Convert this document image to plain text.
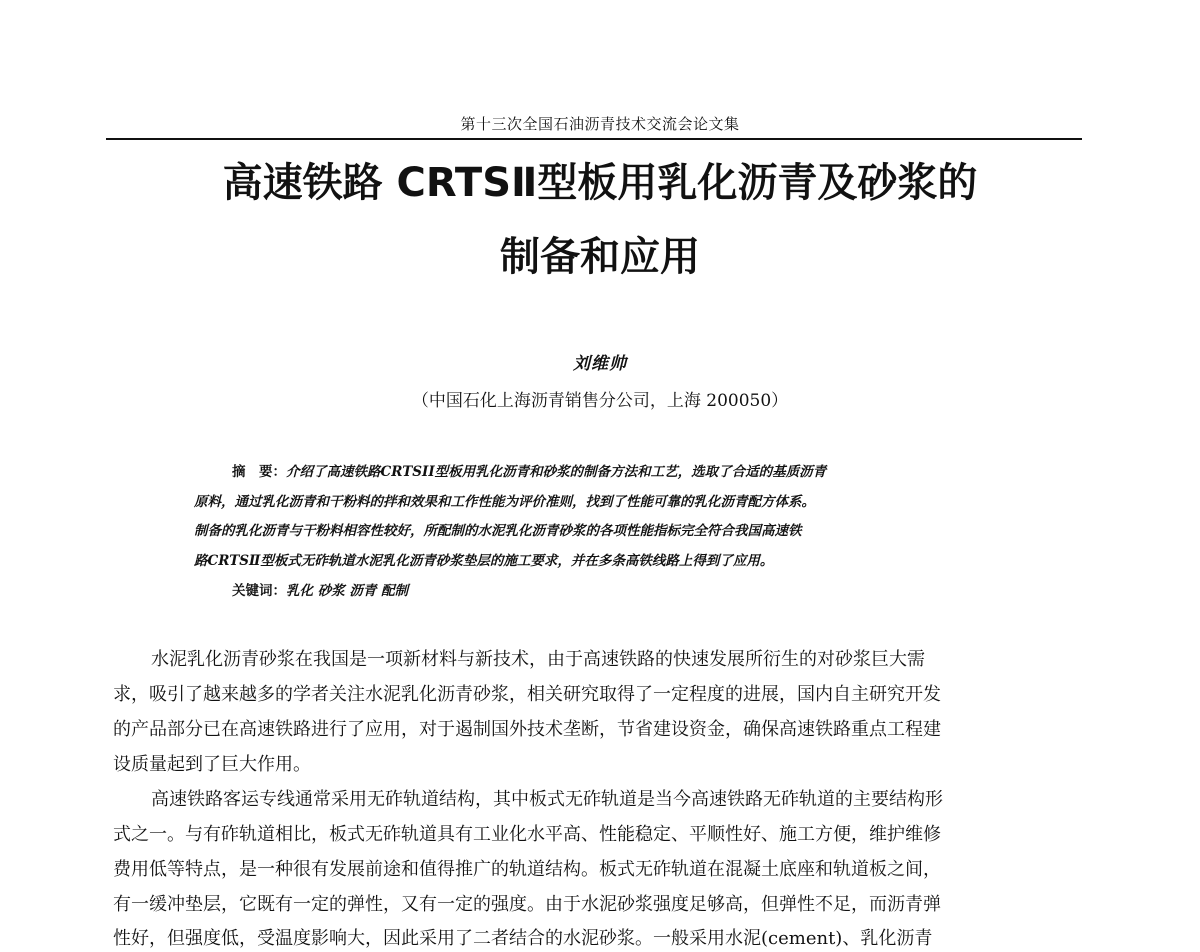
第十三次全国石油沥青技术交流会论文集
高速铁路 CRTSⅡ型板用乳化沥青及砂浆的
制备和应用
刘维帅
（中国石化上海沥青销售分公司，上海 200050）
摘　要：介绍了高速铁路CRTSII型板用乳化沥青和砂浆的制备方法和工艺，选取了合适的基质沥青
原料，通过乳化沥青和干粉料的拌和效果和工作性能为评价准则，找到了性能可靠的乳化沥青配方体系。
制备的乳化沥青与干粉料相容性较好，所配制的水泥乳化沥青砂浆的各项性能指标完全符合我国高速铁
路CRTSⅡ型板式无砟轨道水泥乳化沥青砂浆垫层的施工要求，并在多条高铁线路上得到了应用。
关键词：乳化 砂浆 沥青 配制
水泥乳化沥青砂浆在我国是一项新材料与新技术，由于高速铁路的快速发展所衍生的对砂浆巨大需
求，吸引了越来越多的学者关注水泥乳化沥青砂浆，相关研究取得了一定程度的进展，国内自主研究开发
的产品部分已在高速铁路进行了应用，对于遏制国外技术垄断，节省建设资金，确保高速铁路重点工程建
设质量起到了巨大作用。
高速铁路客运专线通常采用无砟轨道结构，其中板式无砟轨道是当今高速铁路无砟轨道的主要结构形
式之一。与有砟轨道相比，板式无砟轨道具有工业化水平高、性能稳定、平顺性好、施工方便，维护维修
费用低等特点，是一种很有发展前途和值得推广的轨道结构。板式无砟轨道在混凝土底座和轨道板之间，
有一缓冲垫层，它既有一定的弹性，又有一定的强度。由于水泥砂浆强度足够高，但弹性不足，而沥青弹
性好，但强度低，受温度影响大，因此采用了二者结合的水泥砂浆。一般采用水泥(cement)、乳化沥青
